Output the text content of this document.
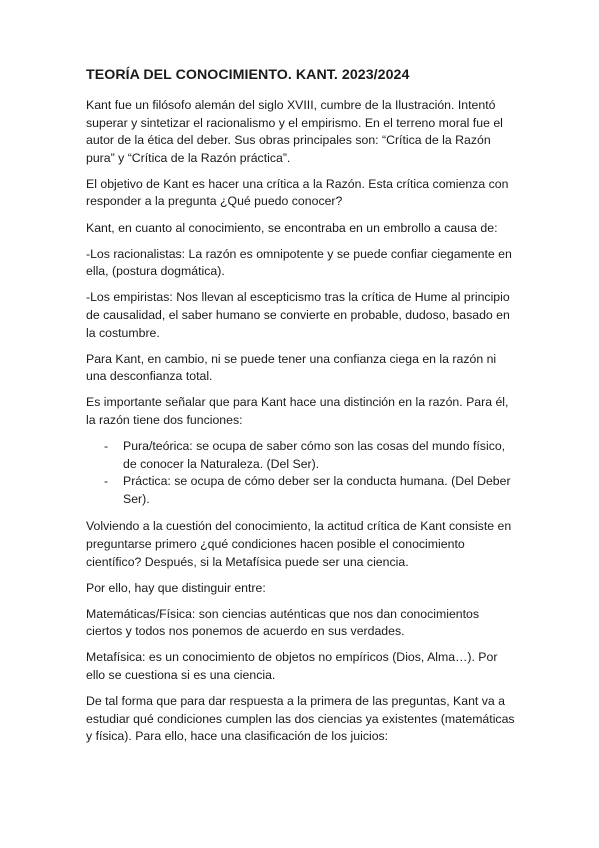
TEORÍA DEL CONOCIMIENTO. KANT. 2023/2024

Kant fue un filósofo alemán del siglo XVIII, cumbre de la Ilustración. Intentó superar y sintetizar el racionalismo y el empirismo. En el terreno moral fue el autor de la ética del deber. Sus obras principales son: “Crítica de la Razón pura” y “Crítica de la Razón práctica”.

El objetivo de Kant es hacer una crítica a la Razón. Esta crítica comienza con responder a la pregunta ¿Qué puedo conocer?

Kant, en cuanto al conocimiento, se encontraba en un embrollo a causa de:

-Los racionalistas: La razón es omnipotente y se puede confiar ciegamente en ella, (postura dogmática).

-Los empiristas: Nos llevan al escepticismo tras la crítica de Hume al principio de causalidad, el saber humano se convierte en probable, dudoso, basado en la costumbre.

Para Kant, en cambio, ni se puede tener una confianza ciega en la razón ni una desconfianza total.

Es importante señalar que para Kant hace una distinción en la razón. Para él, la razón tiene dos funciones:

- Pura/teórica: se ocupa de saber cómo son las cosas del mundo físico, de conocer la Naturaleza. (Del Ser).
- Práctica: se ocupa de cómo deber ser la conducta humana. (Del Deber Ser).

Volviendo a la cuestión del conocimiento, la actitud crítica de Kant consiste en preguntarse primero ¿qué condiciones hacen posible el conocimiento científico? Después, si la Metafísica puede ser una ciencia.

Por ello, hay que distinguir entre:

Matemáticas/Física: son ciencias auténticas que nos dan conocimientos ciertos y todos nos ponemos de acuerdo en sus verdades.

Metafísica: es un conocimiento de objetos no empíricos (Dios, Alma…). Por ello se cuestiona si es una ciencia.

De tal forma que para dar respuesta a la primera de las preguntas, Kant va a estudiar qué condiciones cumplen las dos ciencias ya existentes (matemáticas y física). Para ello, hace una clasificación de los juicios:
